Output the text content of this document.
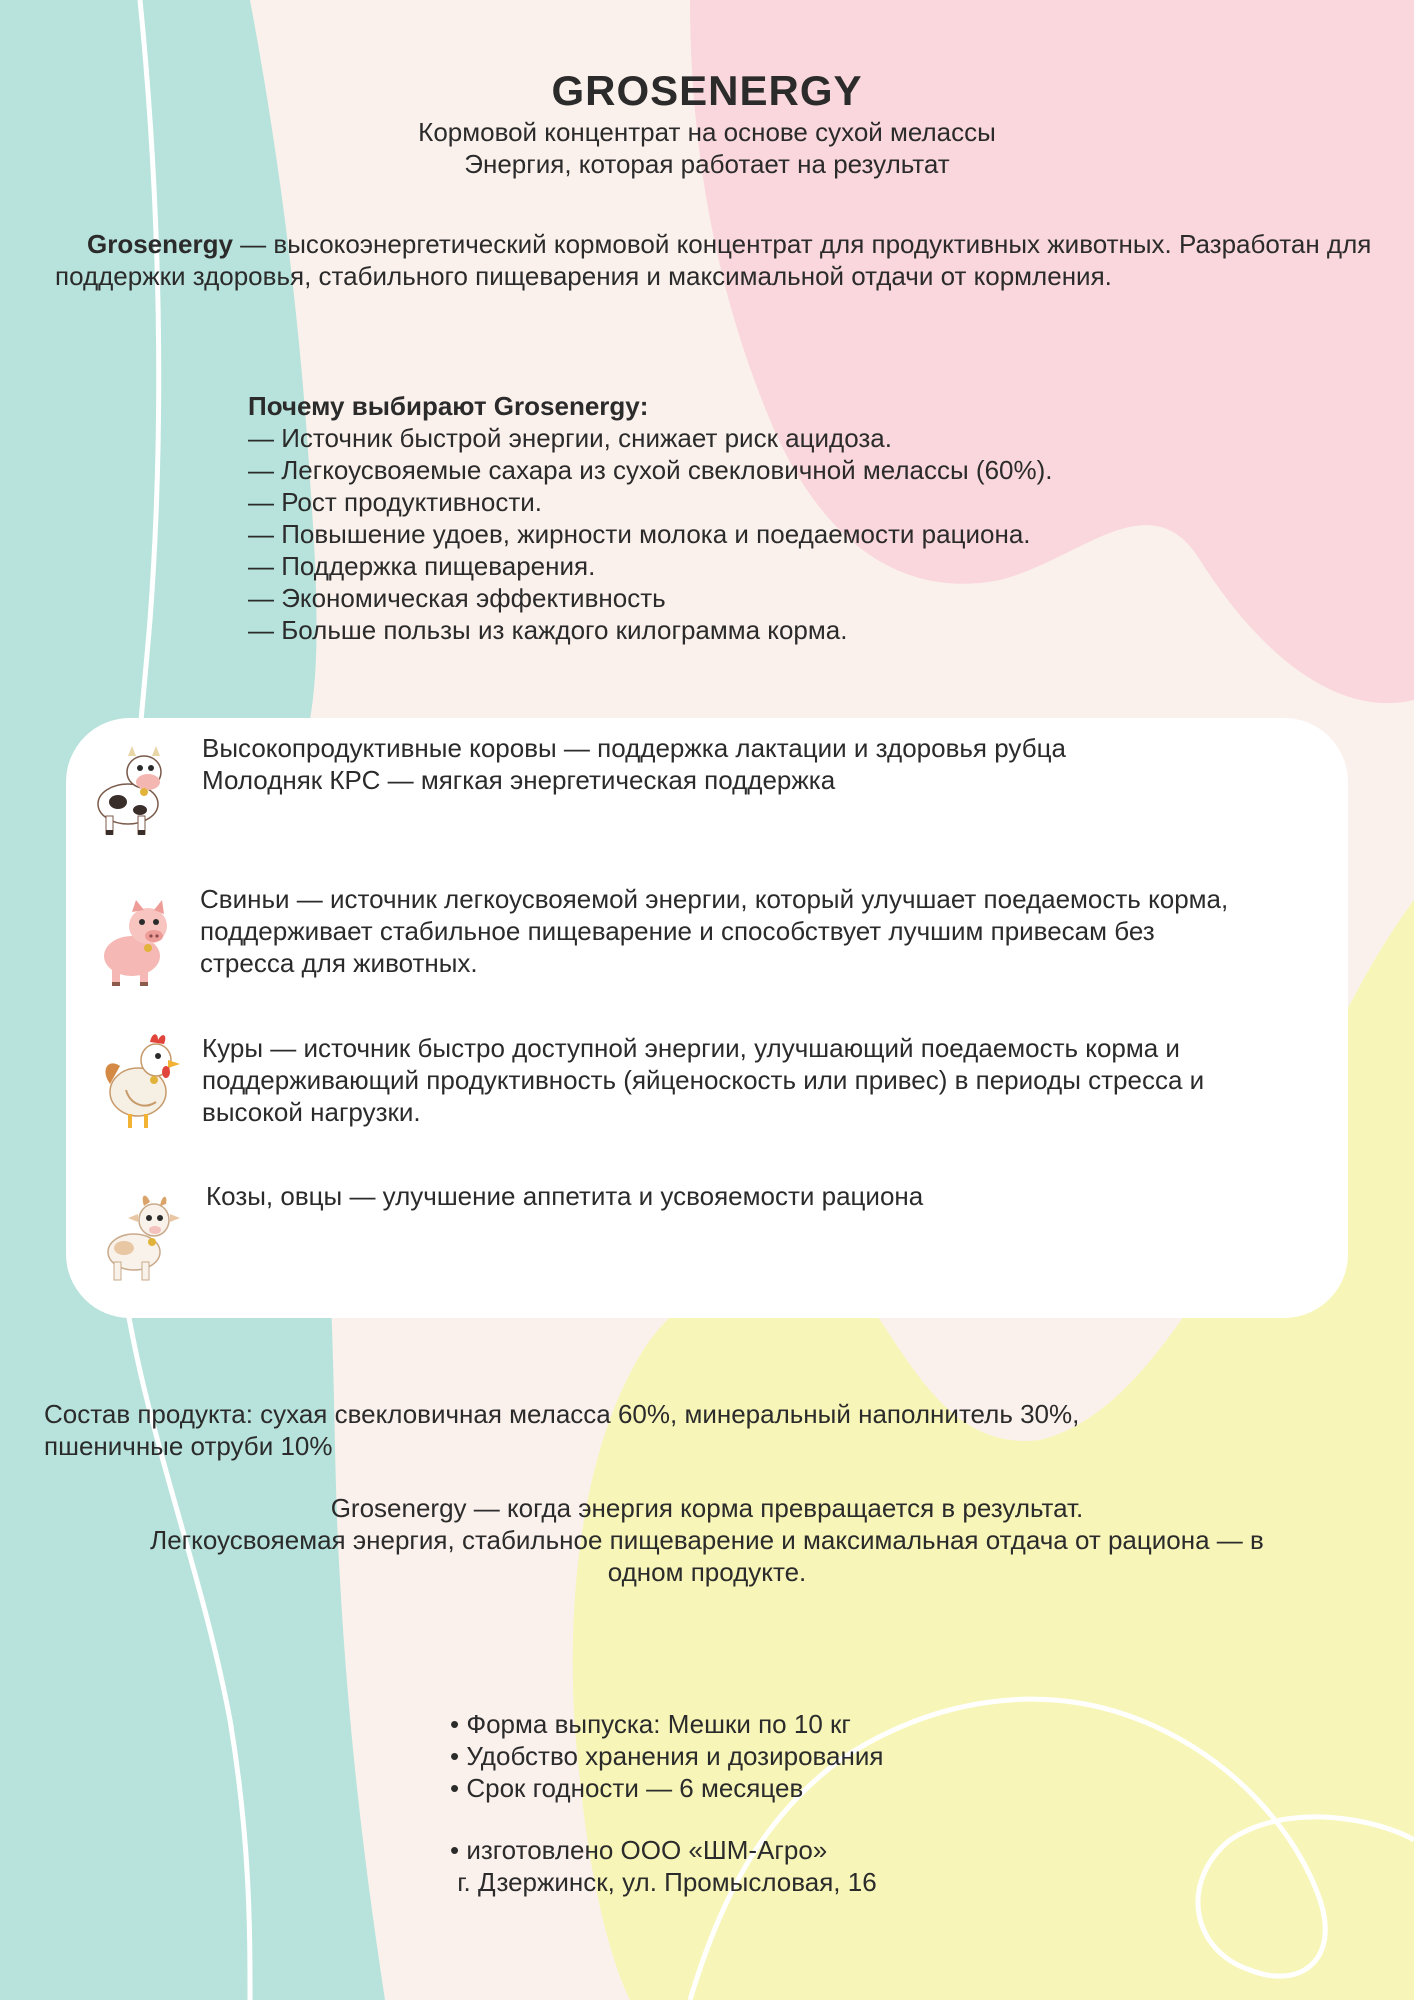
GROSENERGY
Кормовой концентрат на основе сухой мелассы
Энергия, которая работает на результат
Grosenergy — высокоэнергетический кормовой концентрат для продуктивных животных. Разработан для поддержки здоровья, стабильного пищеварения и максимальной отдачи от кормления.
Почему выбирают Grosenergy:
— Источник быстрой энергии, снижает риск ацидоза.
— Легкоусвояемые сахара из сухой свекловичной мелассы (60%).
— Рост продуктивности.
— Повышение удоев, жирности молока и поедаемости рациона.
— Поддержка пищеварения.
— Экономическая эффективность
— Больше пользы из каждого килограмма корма.
Высокопродуктивные коровы — поддержка лактации и здоровья рубца
Молодняк КРС — мягкая энергетическая поддержка
Свиньи — источник легкоусвояемой энергии, который улучшает поедаемость корма,
поддерживает стабильное пищеварение и способствует лучшим привесам без
стресса для животных.
Куры — источник быстро доступной энергии, улучшающий поедаемость корма и
поддерживающий продуктивность (яйценоскость или привес) в периоды стресса и
высокой нагрузки.
Козы, овцы — улучшение аппетита и усвояемости рациона
Состав продукта: сухая свекловичная меласса 60%, минеральный наполнитель 30%,
пшеничные отруби 10%
Grosenergy — когда энергия корма превращается в результат.
Легкоусвояемая энергия, стабильное пищеварение и максимальная отдача от рациона — в
одном продукте.
• Форма выпуска: Мешки по 10 кг
• Удобство хранения и дозирования
• Срок годности — 6 месяцев
• изготовлено ООО «ШМ-Агро»
г. Дзержинск, ул. Промысловая, 16
